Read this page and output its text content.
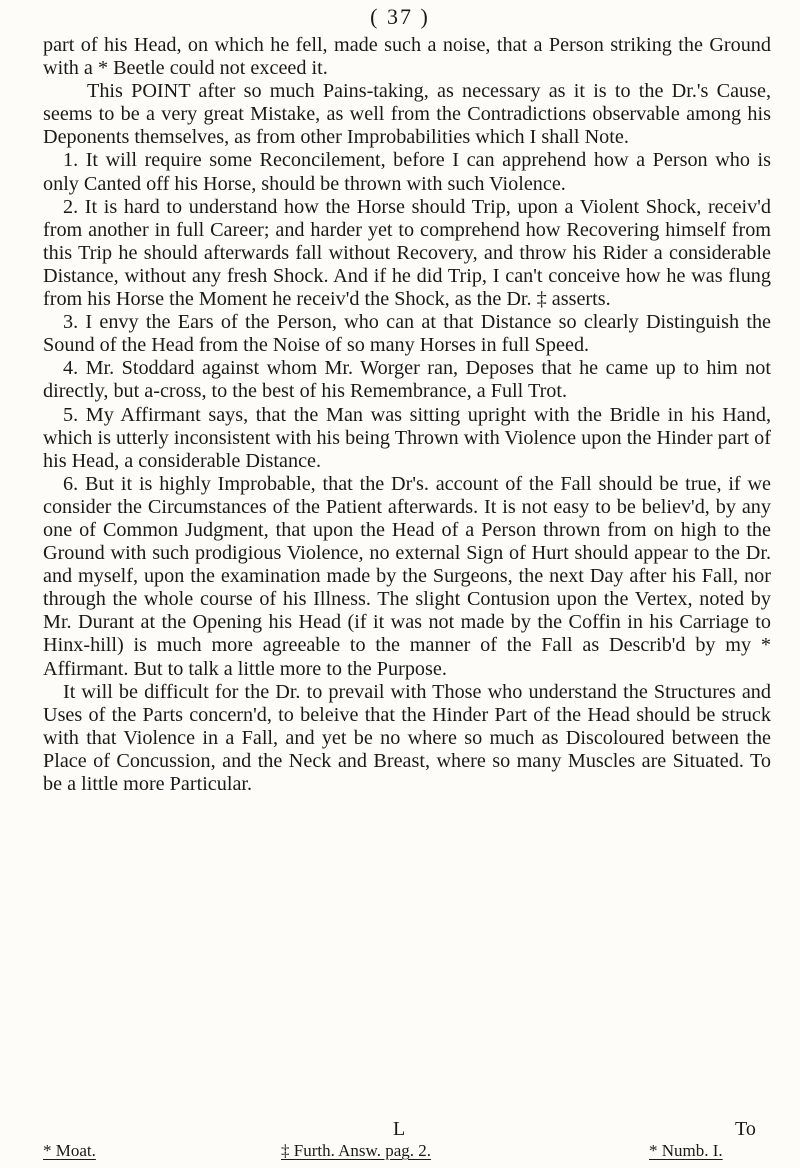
( 37 )

part of his Head, on which he fell, made such a noise, that a Person striking the Ground with a * Beetle could not exceed it.

This POINT after so much Pains-taking, as necessary as it is to the Dr.'s Cause, seems to be a very great Mistake, as well from the Contradictions observable among his Deponents themselves, as from other Improbabilities which I shall Note.

1. It will require some Reconcilement, before I can apprehend how a Person who is only Canted off his Horse, should be thrown with such Violence.

2. It is hard to understand how the Horse should Trip, upon a Violent Shock, receiv'd from another in full Career; and harder yet to comprehend how Recovering himself from this Trip he should afterwards fall without Recovery, and throw his Rider a considerable Distance, without any fresh Shock. And if he did Trip, I can't conceive how he was flung from his Horse the Moment he receiv'd the Shock, as the Dr. ‡ asserts.

3. I envy the Ears of the Person, who can at that Distance so clearly Distinguish the Sound of the Head from the Noise of so many Horses in full Speed.

4. Mr. Stoddard against whom Mr. Worger ran, Deposes that he came up to him not directly, but a-cross, to the best of his Remembrance, a Full Trot.

5. My Affirmant says, that the Man was sitting upright with the Bridle in his Hand, which is utterly inconsistent with his being Thrown with Violence upon the Hinder part of his Head, a considerable Distance.

6. But it is highly Improbable, that the Dr's. account of the Fall should be true, if we consider the Circumstances of the Patient afterwards. It is not easy to be believ'd, by any one of Common Judgment, that upon the Head of a Person thrown from on high to the Ground with such prodigious Violence, no external Sign of Hurt should appear to the Dr. and myself, upon the examination made by the Surgeons, the next Day after his Fall, nor through the whole course of his Illness. The slight Contusion upon the Vertex, noted by Mr. Durant at the Opening his Head (if it was not made by the Coffin in his Carriage to Hinx-hill) is much more agreeable to the manner of the Fall as Describ'd by my * Affirmant. But to talk a little more to the Purpose.

It will be difficult for the Dr. to prevail with Those who understand the Structures and Uses of the Parts concern'd, to beleive that the Hinder Part of the Head should be struck with that Violence in a Fall, and yet be no where so much as Discoloured between the Place of Concussion, and the Neck and Breast, where so many Muscles are Situated. To be a little more Particular.

L	To
* Moat.	‡ Furth. Answ. pag. 2.	* Numb. I.
